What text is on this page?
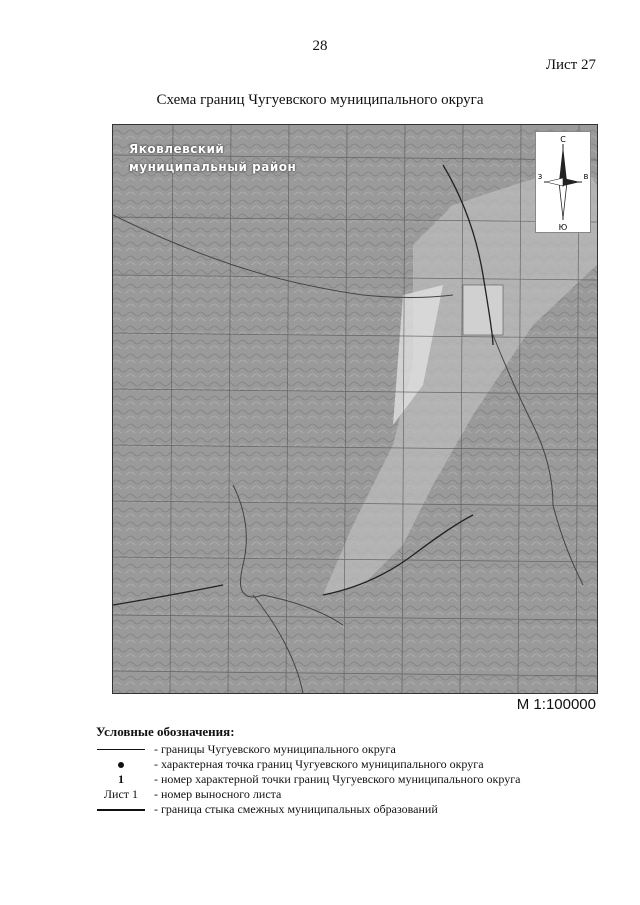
28
Лист 27
Схема границ Чугуевского муниципального округа
Яковлевский
муниципальный район
С
Ю
З	В
М 1:100000
Условные обозначения:
- границы Чугуевского муниципального округа
- характерная точка границ Чугуевского муниципального округа
1	- номер характерной точки границ Чугуевского муниципального округа
Лист 1	- номер выносного листа
- граница стыка смежных муниципальных образований
